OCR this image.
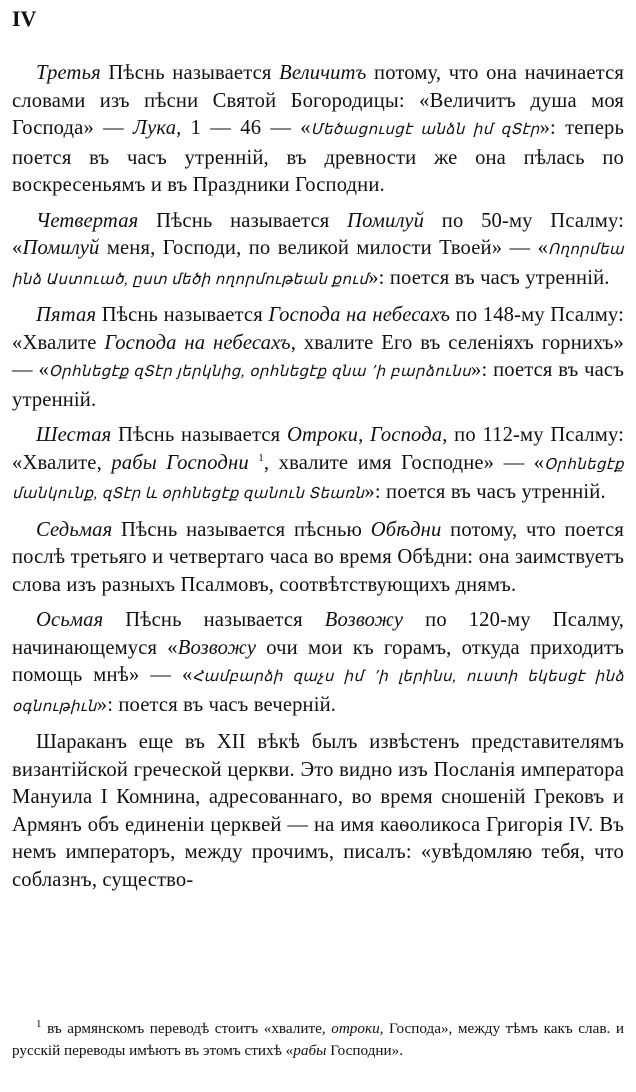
IV

Третья Пѣснь называется Величитъ потому, что она начинается словами изъ пѣсни Святой Богородицы: «Величитъ душа моя Господа» — Лука, 1 — 46 — «Մեծացուսցէ անձն իմ զՏէր»: теперь поется въ часъ утренній, въ древности же она пѣлась по воскресеньямъ и въ Праздники Господни.

Четвертая Пѣснь называется Помилуй по 50-му Псалму: «Помилуй меня, Господи, по великой милости Твоей» — «Ողորմեա ինձ Աստուած, ըստ մեծի ողորմութեան քում»: поется въ часъ утренній.

Пятая Пѣснь называется Господа на небесахъ по 148-му Псалму: «Хвалите Господа на небесахъ, хвалите Его въ селеніяхъ горнихъ» — «Օրհնեցէք զՏէր յերկնից, օրհնեցէք զնա ՚ի բարձունս»: поется въ часъ утренній.

Шестая Пѣснь называется Отроки, Господа, по 112-му Псалму: «Хвалите, рабы Господни $^1$, хвалите имя Господне» — «Օրհնեցէք մանկունք, զՏէր և օրհնեցէք զանուն Տեառն»: поется въ часъ утренній.

Седьмая Пѣснь называется пѣснью Обѣдни потому, что поется послѣ третьяго и четвертаго часа во время Обѣдни: она заимствуетъ слова изъ разныхъ Псалмовъ, соотвѣтствующихъ днямъ.

Осьмая Пѣснь называется Возвожу по 120-му Псалму, начинающемуся «Возвожу очи мои къ горамъ, откуда приходитъ помощь мнѣ» — «Համբարձի զաչս իմ ՚ի լերինս, ուստի եկեսցէ ինձ օգնութիւն»: поется въ часъ вечерній.

Шараканъ еще въ XII вѣкѣ былъ извѣстенъ представителямъ византійской греческой церкви. Это видно изъ Посланія императора Мануила I Комнина, адресованнаго, во время сношеній Грековъ и Армянъ объ единеніи церквей — на имя каѳоликоса Григорія IV. Въ немъ императоръ, между прочимъ, писалъ: «увѣдомляю тебя, что соблазнъ, существо-

$^1$ въ армянскомъ переводѣ стоитъ «хвалите, отроки, Господа», между тѣмъ какъ слав. и русскій переводы имѣютъ въ этомъ стихѣ «рабы Господни».
